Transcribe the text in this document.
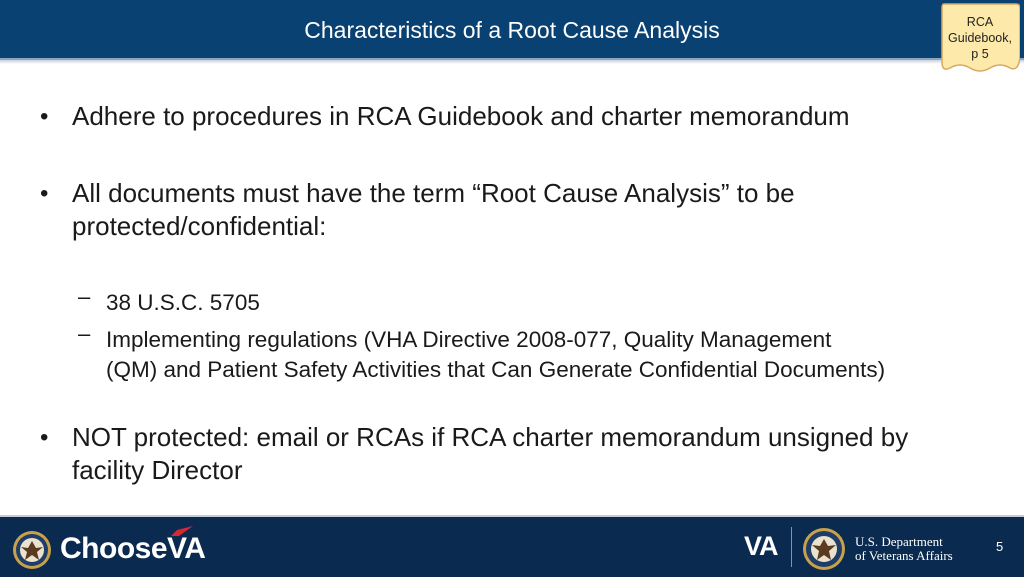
Characteristics of a Root Cause Analysis	RCA
Guidebook,
p 5
• Adhere to procedures in RCA Guidebook and charter memorandum
• All documents must have the term “Root Cause Analysis” to be
protected/confidential:
– 38 U.S.C. 5705
– Implementing regulations (VHA Directive 2008-077, Quality Management
(QM) and Patient Safety Activities that Can Generate Confidential Documents)
• NOT protected: email or RCAs if RCA charter memorandum unsigned by
facility Director
ChooseVA	VA	U.S. Department
of Veterans Affairs
5
